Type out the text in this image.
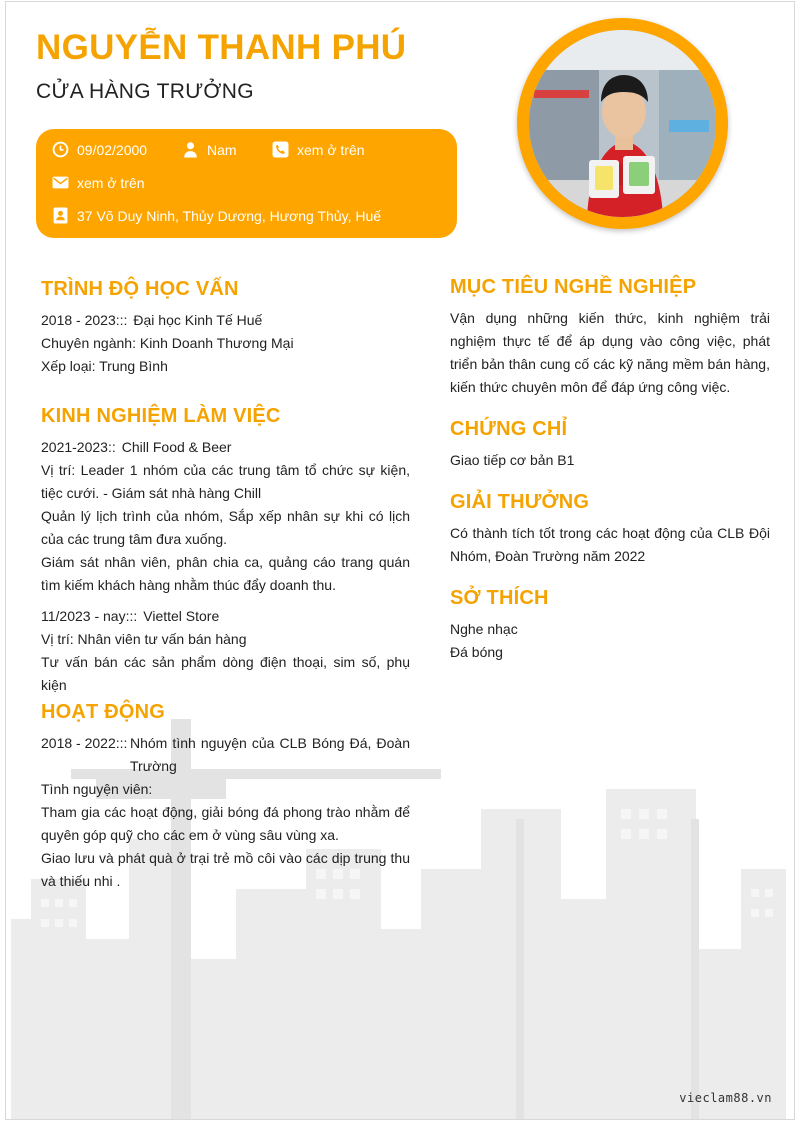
NGUYỄN THANH PHÚ
CỬA HÀNG TRƯỞNG
09/02/2000	Nam	xem ở trên
xem ở trên
37 Võ Duy Ninh, Thủy Dương, Hương Thủy, Huế
TRÌNH ĐỘ HỌC VẤN
2018 - 2023::: Đại học Kinh Tế Huế
Chuyên ngành: Kinh Doanh Thương Mại
Xếp loại: Trung Bình
KINH NGHIỆM LÀM VIỆC
2021-2023:: Chill Food & Beer
Vị trí: Leader 1 nhóm của các trung tâm tổ chức sự kiện, tiệc cưới. - Giám sát nhà hàng Chill
Quản lý lịch trình của nhóm, Sắp xếp nhân sự khi có lịch của các trung tâm đưa xuống.
Giám sát nhân viên, phân chia ca, quảng cáo trang quán tìm kiếm khách hàng nhằm thúc đẩy doanh thu.
11/2023 - nay::: Viettel Store
Vị trí: Nhân viên tư vấn bán hàng
Tư vấn bán các sản phẩm dòng điện thoại, sim số, phụ kiện
HOẠT ĐỘNG
2018 - 2022::: Nhóm tình nguyện của CLB Bóng Đá, Đoàn Trường
Tình nguyện viên:
Tham gia các hoạt động, giải bóng đá phong trào nhằm để quyên góp quỹ cho các em ở vùng sâu vùng xa.
Giao lưu và phát quà ở trại trẻ mồ côi vào các dịp trung thu và thiếu nhi .
MỤC TIÊU NGHỀ NGHIỆP
Vận dụng những kiến thức, kinh nghiệm trải nghiệm thực tế để áp dụng vào công việc, phát triển bản thân cung cố các kỹ năng mềm bán hàng, kiến thức chuyên môn để đáp ứng công việc.
CHỨNG CHỈ
Giao tiếp cơ bản B1
GIẢI THƯỞNG
Có thành tích tốt trong các hoạt động của CLB Đội Nhóm, Đoàn Trường năm 2022
SỞ THÍCH
Nghe nhạc
Đá bóng
vieclam88.vn
